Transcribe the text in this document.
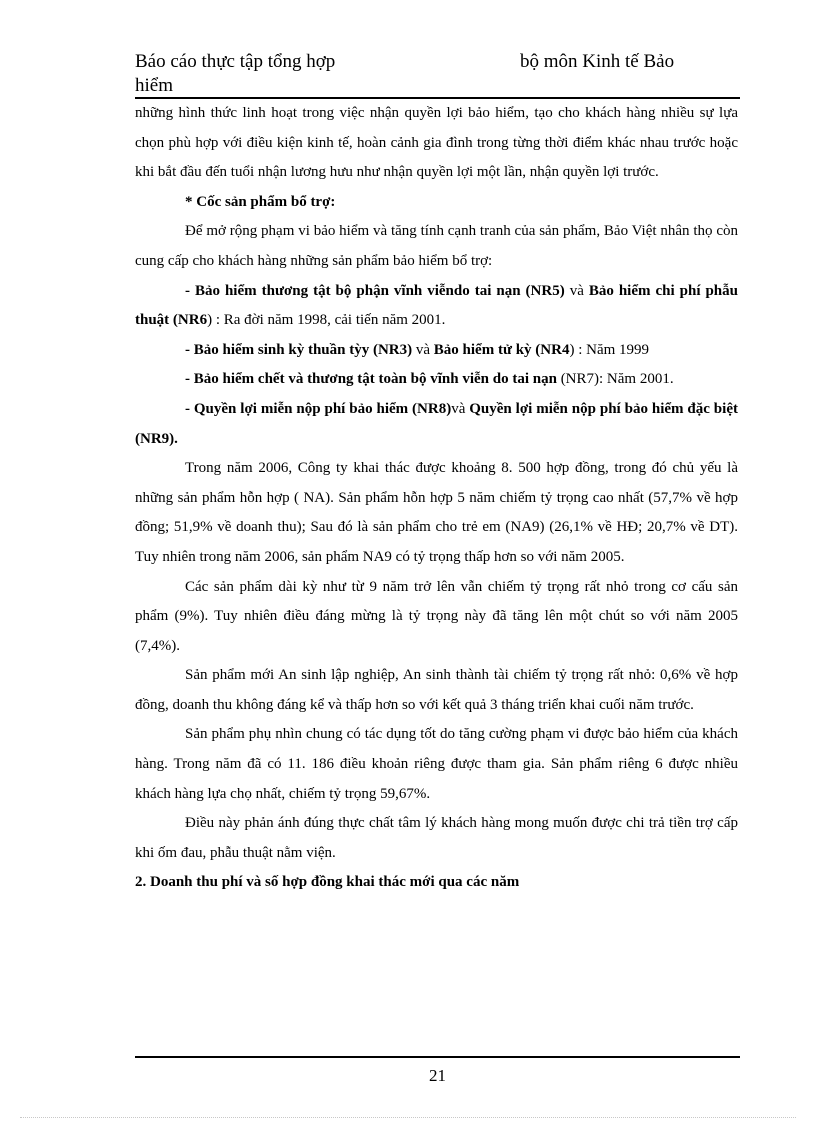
Báo cáo thực tập tổng hợp	bộ môn Kinh tế Bảo
hiểm

những hình thức linh hoạt trong việc nhận quyền lợi bảo hiểm, tạo cho khách hàng nhiều sự lựa chọn phù hợp với điều kiện kinh tế, hoàn cảnh gia đình trong từng thời điểm khác nhau trước hoặc khi bắt đầu đến tuổi nhận lương hưu như nhận quyền lợi một lần, nhận quyền lợi trước.

* Cốc sản phẩm bổ trợ:

Để mở rộng phạm vi bảo hiểm và tăng tính cạnh tranh của sản phẩm, Bảo Việt nhân thọ còn cung cấp cho khách hàng những sản phẩm bảo hiểm bổ trợ:

- Bảo hiểm thương tật bộ phận vĩnh viễndo tai nạn (NR5) và Bảo hiểm chi phí phẫu thuật (NR6) : Ra đời năm 1998, cải tiến năm 2001.

- Bảo hiểm sinh kỳ thuần tỳy (NR3) và Bảo hiểm tử kỳ (NR4) : Năm 1999

- Bảo hiểm chết và thương tật toàn bộ vĩnh viễn do tai nạn (NR7): Năm 2001.

- Quyền lợi miễn nộp phí bảo hiểm (NR8)và Quyền lợi miễn nộp phí bảo hiểm đặc biệt (NR9).

Trong năm 2006, Công ty khai thác được khoảng 8. 500 hợp đồng, trong đó chủ yếu là những sản phẩm hỗn hợp ( NA). Sản phẩm hỗn hợp 5 năm chiếm tỷ trọng cao nhất (57,7% về hợp đồng; 51,9% về doanh thu); Sau đó là sản phẩm cho trẻ em (NA9) (26,1% về HĐ; 20,7% về DT). Tuy nhiên trong năm 2006, sản phẩm NA9 có tỷ trọng thấp hơn so với năm 2005.

Các sản phẩm dài kỳ như từ 9 năm trở lên vẫn chiếm tỷ trọng rất nhỏ trong cơ cấu sản phẩm (9%). Tuy nhiên điều đáng mừng là tỷ trọng này đã tăng lên một chút so với năm 2005 (7,4%).

Sản phẩm mới An sinh lập nghiệp, An sinh thành tài chiếm tỷ trọng rất nhỏ: 0,6% về hợp đồng, doanh thu không đáng kể và thấp hơn so với kết quả 3 tháng triển khai cuối năm trước.

Sản phẩm phụ nhìn chung có tác dụng tốt do tăng cường phạm vi được bảo hiểm của khách hàng. Trong năm đã có 11. 186 điều khoản riêng được tham gia. Sản phẩm riêng 6 được nhiều khách hàng lựa chọ nhất, chiếm tỷ trọng 59,67%.

Điều này phản ánh đúng thực chất tâm lý khách hàng mong muốn được chi trả tiền trợ cấp khi ốm đau, phẫu thuật nằm viện.

2. Doanh thu phí và số hợp đồng khai thác mới qua các năm

21
